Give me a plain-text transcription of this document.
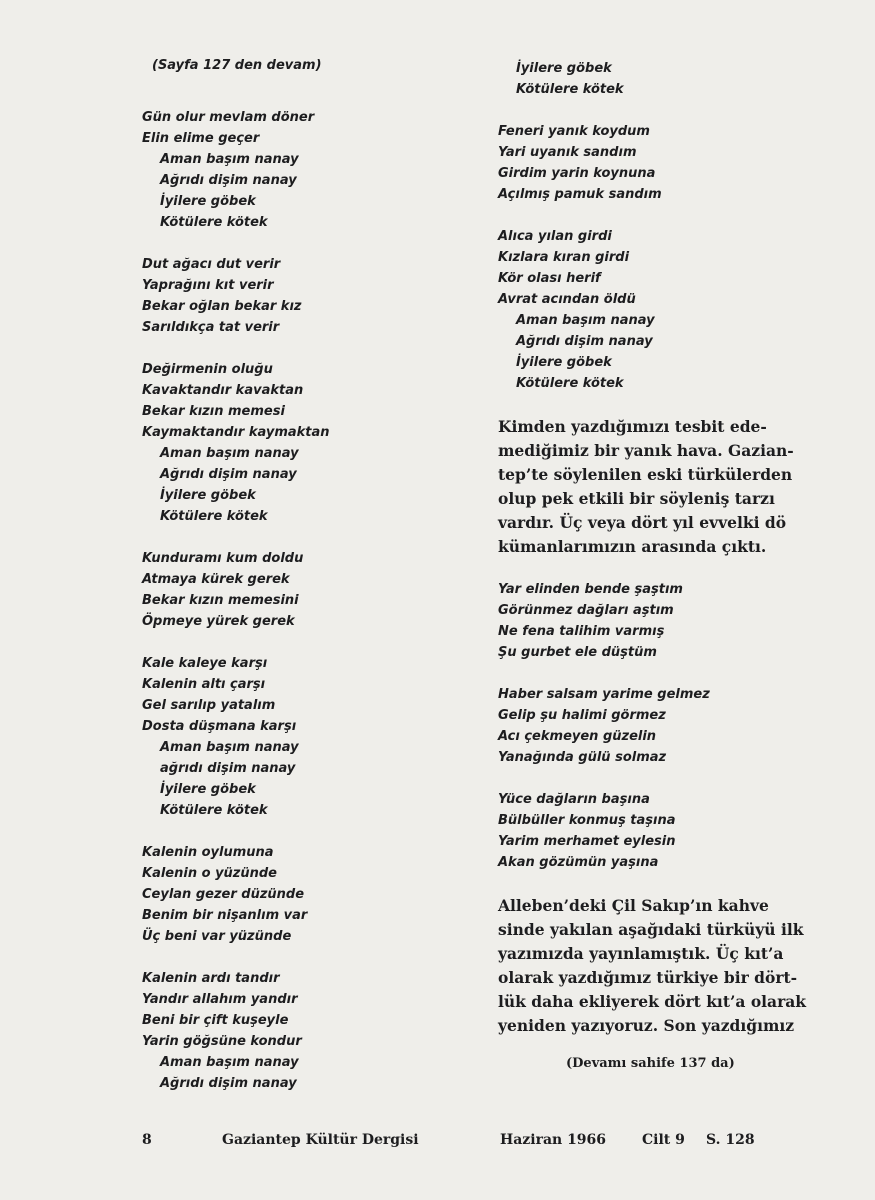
(Sayfa 127 den devam)
Gün olur mevlam döner
Elin elime geçer
Aman başım nanay
Ağrıdı dişim nanay
İyilere göbek
Kötülere kötek
Dut ağacı dut verir
Yaprağını kıt verir
Bekar oğlan bekar kız
Sarıldıkça tat verir
Değirmenin oluğu
Kavaktandır kavaktan
Bekar kızın memesi
Kaymaktandır kaymaktan
Aman başım nanay
Ağrıdı dişim nanay
İyilere göbek
Kötülere kötek
Kunduramı kum doldu
Atmaya kürek gerek
Bekar kızın memesini
Öpmeye yürek gerek
Kale kaleye karşı
Kalenin altı çarşı
Gel sarılıp yatalım
Dosta düşmana karşı
Aman başım nanay
ağrıdı dişim nanay
İyilere göbek
Kötülere kötek
Kalenin oylumuna
Kalenin o yüzünde
Ceylan gezer düzünde
Benim bir nişanlım var
Üç beni var yüzünde
Kalenin ardı tandır
Yandır allahım yandır
Beni bir çift kuşeyle
Yarin göğsüne kondur
Aman başım nanay
Ağrıdı dişim nanay
İyilere göbek
Kötülere kötek
Feneri yanık koydum
Yari uyanık sandım
Girdim yarin koynuna
Açılmış pamuk sandım
Alıca yılan girdi
Kızlara kıran girdi
Kör olası herif
Avrat acından öldü
Aman başım nanay
Ağrıdı dişim nanay
İyilere göbek
Kötülere kötek
Kimden yazdığımızı tesbit ede-
mediğimiz bir yanık hava. Gazian-
tep’te söylenilen eski türkülerden
olup pek etkili bir söyleniş tarzı
vardır. Üç veya dört yıl evvelki dö
kümanlarımızın arasında çıktı.
Yar elinden bende şaştım
Görünmez dağları aştım
Ne fena talihim varmış
Şu gurbet ele düştüm
Haber salsam yarime gelmez
Gelip şu halimi görmez
Acı çekmeyen güzelin
Yanağında gülü solmaz
Yüce dağların başına
Bülbüller konmuş taşına
Yarim merhamet eylesin
Akan gözümün yaşına
Alleben’deki Çil Sakıp’ın kahve
sinde yakılan aşağıdaki türküyü ilk
yazımızda yayınlamıştık. Üç kıt’a
olarak yazdığımız türkiye bir dört-
lük daha ekliyerek dört kıt’a olarak
yeniden yazıyoruz. Son yazdığımız
(Devamı sahife 137 da)
8	Gaziantep Kültür Dergisi	Haziran 1966	Cilt 9 S. 128
